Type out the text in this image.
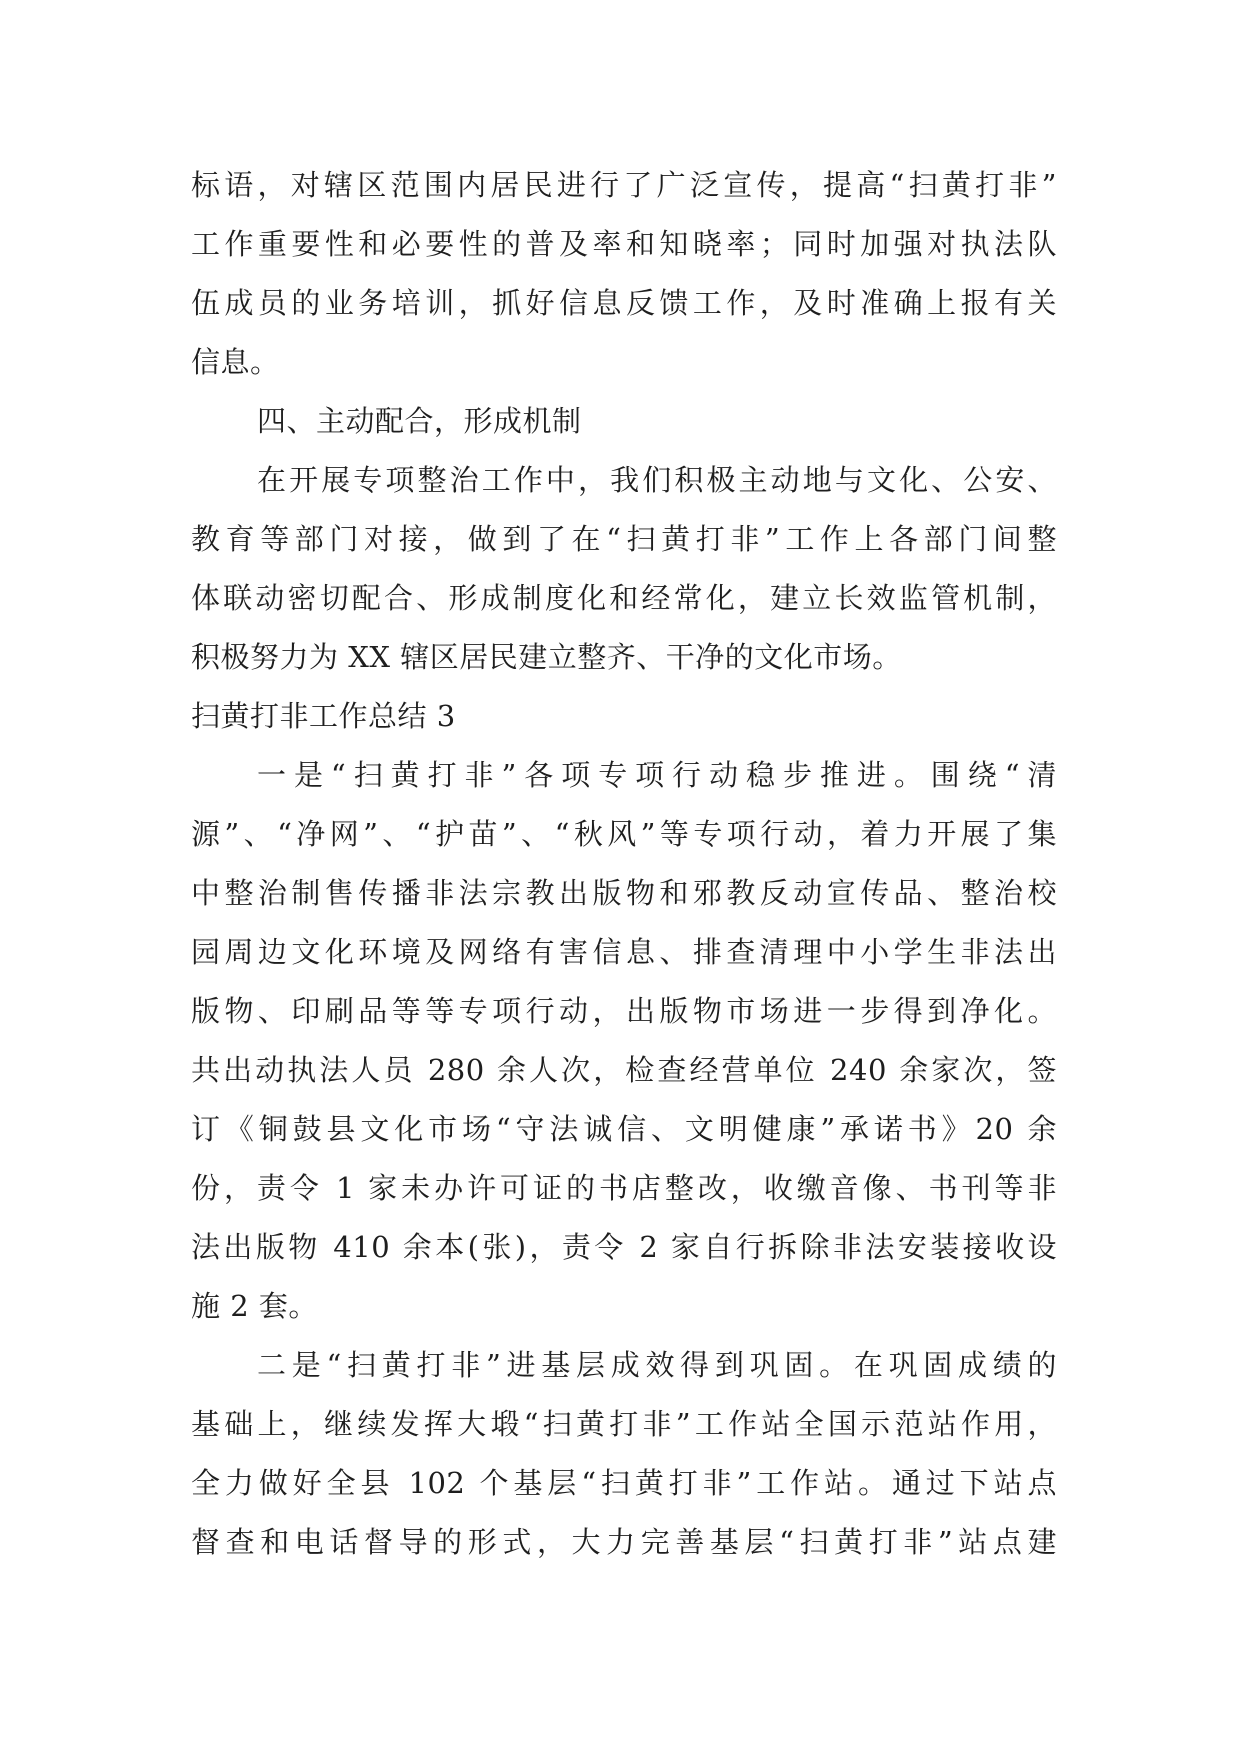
标语，对辖区范围内居民进行了广泛宣传，提高“扫黄打非”
工作重要性和必要性的普及率和知晓率；同时加强对执法队
伍成员的业务培训，抓好信息反馈工作，及时准确上报有关
信息。
四、主动配合，形成机制
在开展专项整治工作中，我们积极主动地与文化、公安、
教育等部门对接，做到了在“扫黄打非”工作上各部门间整
体联动密切配合、形成制度化和经常化，建立长效监管机制，
积极努力为 XX 辖区居民建立整齐、干净的文化市场。
扫黄打非工作总结 3
一是“扫黄打非”各项专项行动稳步推进。围绕“清
源”、“净网”、“护苗”、“秋风”等专项行动，着力开展了集
中整治制售传播非法宗教出版物和邪教反动宣传品、整治校
园周边文化环境及网络有害信息、排查清理中小学生非法出
版物、印刷品等等专项行动，出版物市场进一步得到净化。
共出动执法人员 280 余人次，检查经营单位 240 余家次，签
订《铜鼓县文化市场“守法诚信、文明健康”承诺书》20 余
份，责令 1 家未办许可证的书店整改，收缴音像、书刊等非
法出版物 410 余本(张)，责令 2 家自行拆除非法安装接收设
施 2 套。
二是“扫黄打非”进基层成效得到巩固。在巩固成绩的
基础上，继续发挥大塅“扫黄打非”工作站全国示范站作用，
全力做好全县 102 个基层“扫黄打非”工作站。通过下站点
督查和电话督导的形式，大力完善基层“扫黄打非”站点建
